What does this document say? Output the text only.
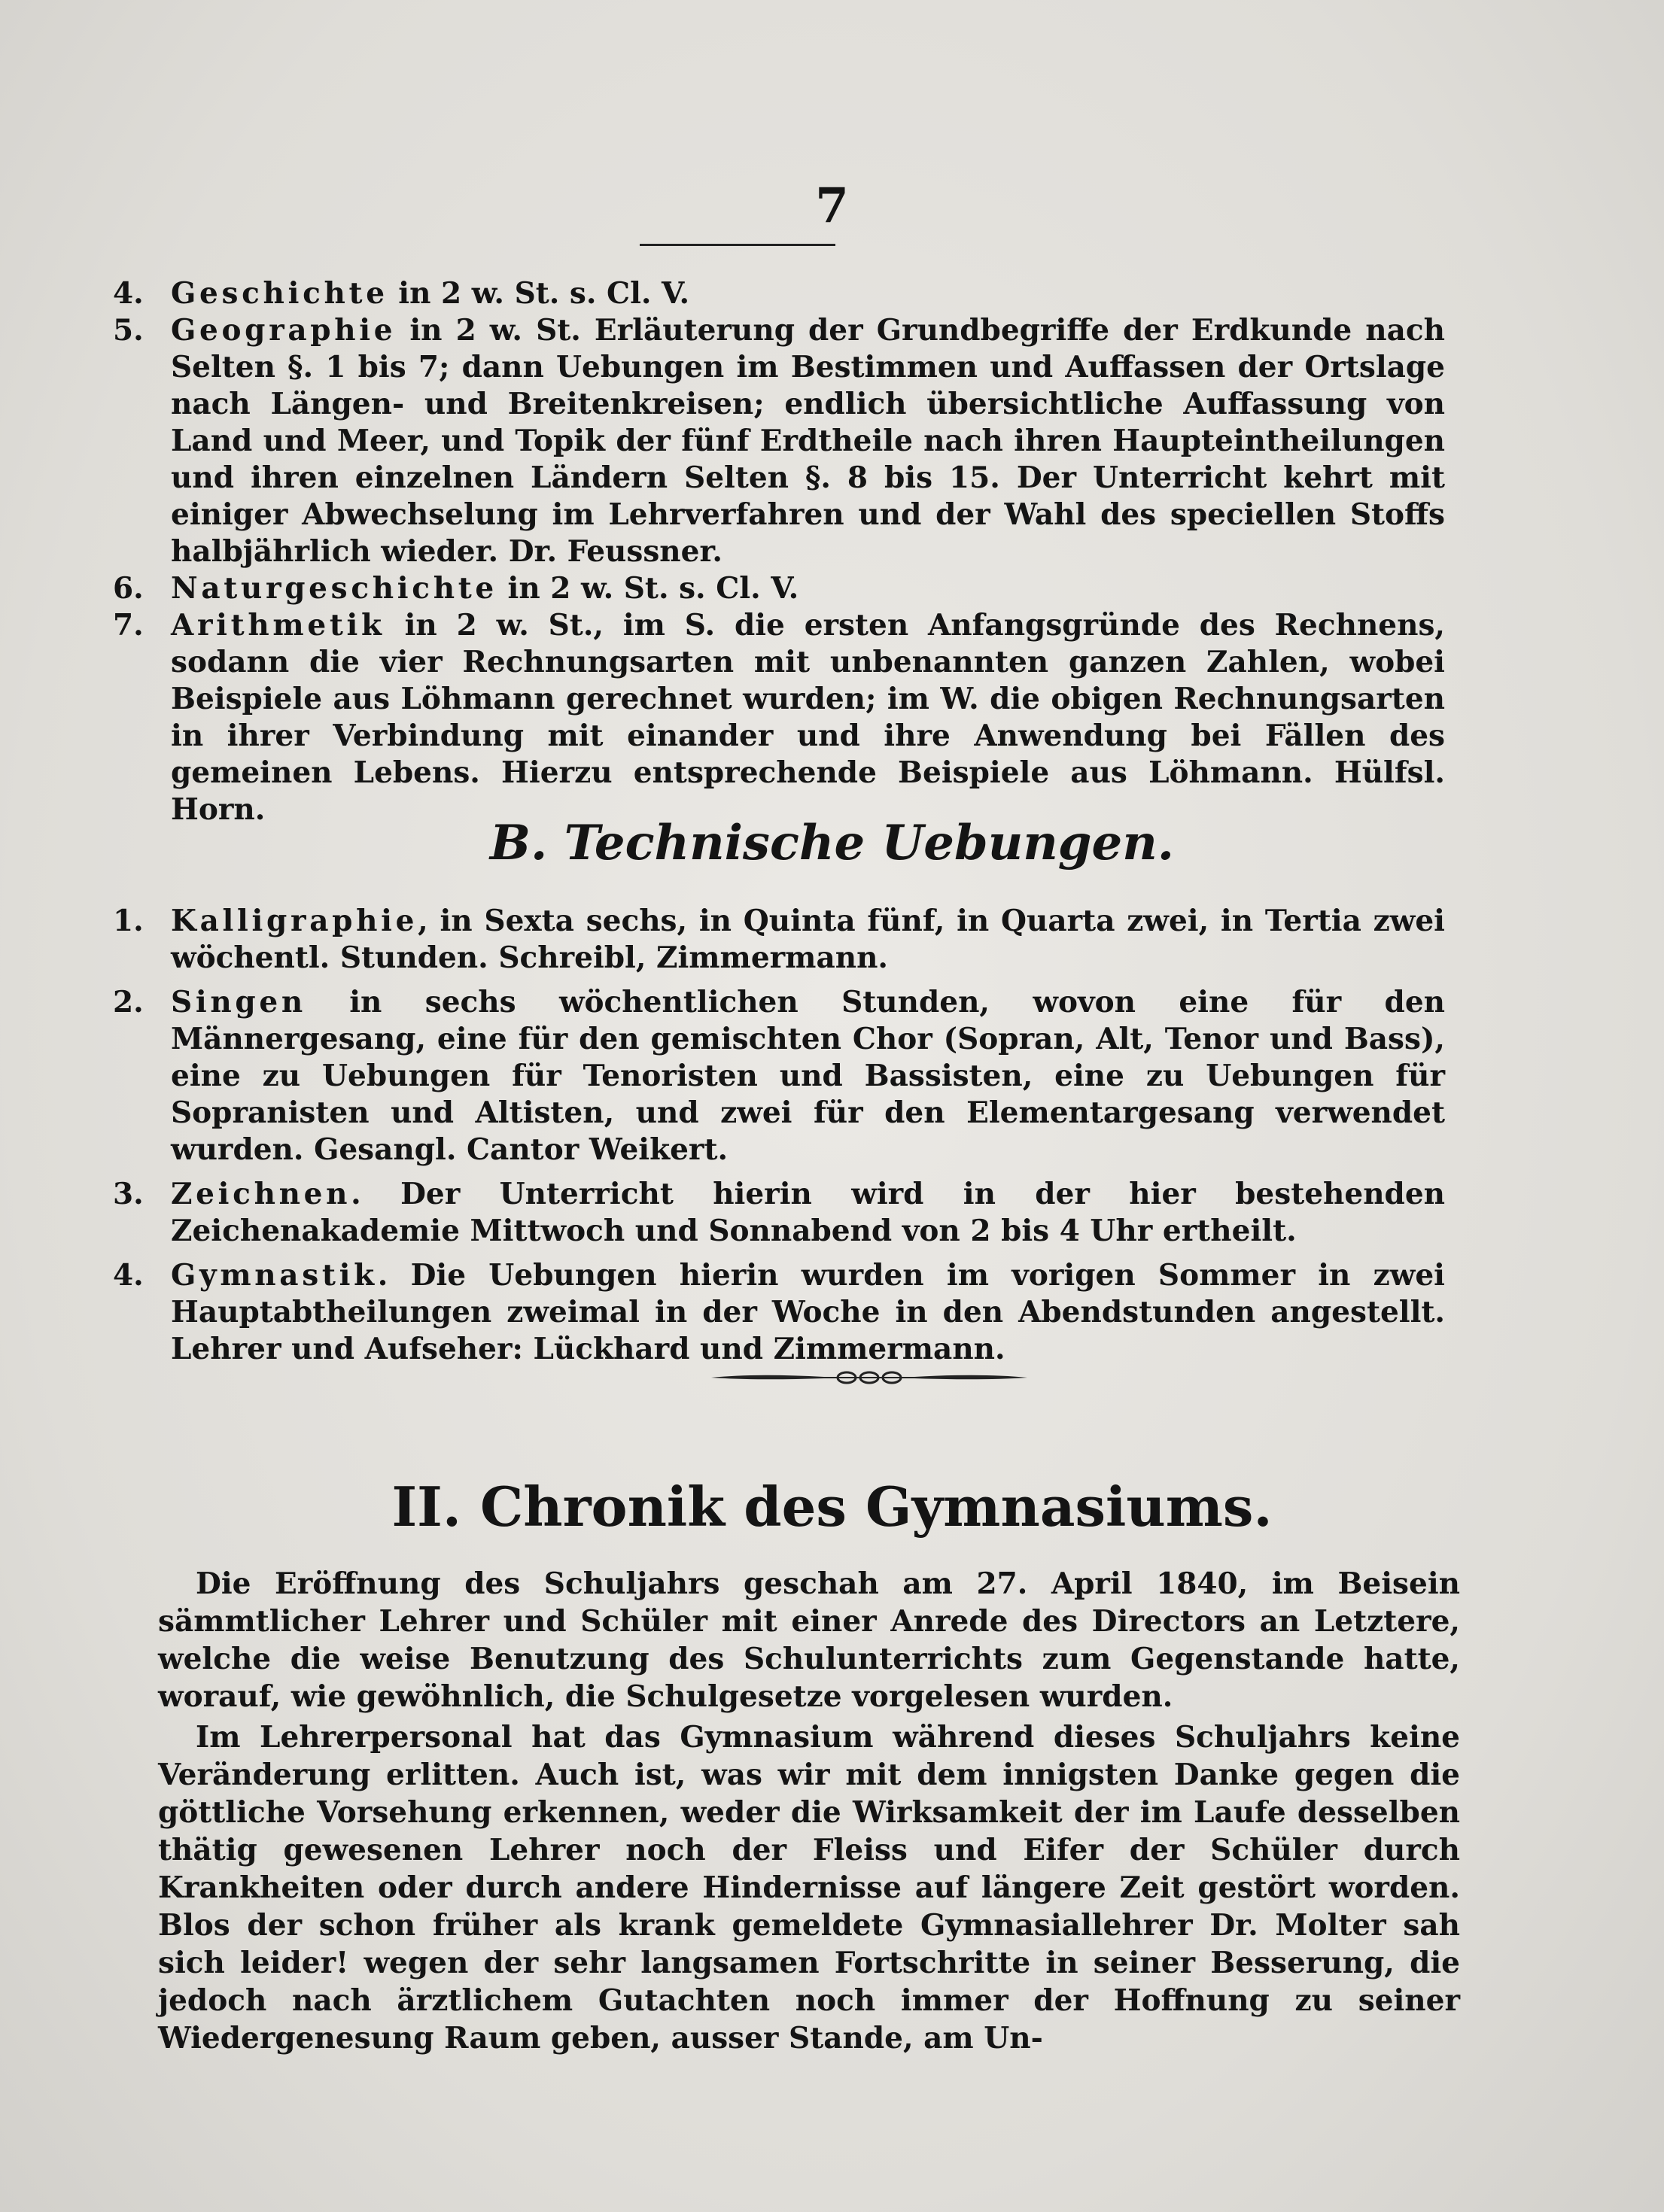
7

4. Geschichte in 2 w. St. s. Cl. V.

5. Geographie in 2 w. St. Erläuterung der Grundbegriffe der Erdkunde nach Selten §. 1 bis 7; dann Uebungen im Bestimmen und Auffassen der Ortslage nach Längen- und Breitenkreisen; endlich übersichtliche Auffassung von Land und Meer, und Topik der fünf Erdtheile nach ihren Haupteintheilungen und ihren einzelnen Ländern Selten §. 8 bis 15. Der Unterricht kehrt mit einiger Abwechselung im Lehrverfahren und der Wahl des speciellen Stoffs halbjährlich wieder. Dr. Feussner.

6. Naturgeschichte in 2 w. St. s. Cl. V.

7. Arithmetik in 2 w. St., im S. die ersten Anfangsgründe des Rechnens, sodann die vier Rechnungsarten mit unbenannten ganzen Zahlen, wobei Beispiele aus Löhmann gerechnet wurden; im W. die obigen Rechnungsarten in ihrer Verbindung mit einander und ihre Anwendung bei Fällen des gemeinen Lebens. Hierzu entsprechende Beispiele aus Löhmann. Hülfsl. Horn.

B. Technische Uebungen.

1. Kalligraphie, in Sexta sechs, in Quinta fünf, in Quarta zwei, in Tertia zwei wöchentl. Stunden. Schreibl, Zimmermann.

2. Singen in sechs wöchentlichen Stunden, wovon eine für den Männergesang, eine für den gemischten Chor (Sopran, Alt, Tenor und Bass), eine zu Uebungen für Tenoristen und Bassisten, eine zu Uebungen für Sopranisten und Altisten, und zwei für den Elementargesang verwendet wurden. Gesangl. Cantor Weikert.

3. Zeichnen. Der Unterricht hierin wird in der hier bestehenden Zeichenakademie Mittwoch und Sonnabend von 2 bis 4 Uhr ertheilt.

4. Gymnastik. Die Uebungen hierin wurden im vorigen Sommer in zwei Hauptabtheilungen zweimal in der Woche in den Abendstunden angestellt. Lehrer und Aufseher: Lückhard und Zimmermann.

II. Chronik des Gymnasiums.

Die Eröffnung des Schuljahrs geschah am 27. April 1840, im Beisein sämmtlicher Lehrer und Schüler mit einer Anrede des Directors an Letztere, welche die weise Benutzung des Schulunterrichts zum Gegenstande hatte, worauf, wie gewöhnlich, die Schulgesetze vorgelesen wurden.

Im Lehrerpersonal hat das Gymnasium während dieses Schuljahrs keine Veränderung erlitten. Auch ist, was wir mit dem innigsten Danke gegen die göttliche Vorsehung erkennen, weder die Wirksamkeit der im Laufe desselben thätig gewesenen Lehrer noch der Fleiss und Eifer der Schüler durch Krankheiten oder durch andere Hindernisse auf längere Zeit gestört worden. Blos der schon früher als krank gemeldete Gymnasiallehrer Dr. Molter sah sich leider! wegen der sehr langsamen Fortschritte in seiner Besserung, die jedoch nach ärztlichem Gutachten noch immer der Hoffnung zu seiner Wiedergenesung Raum geben, ausser Stande, am Un-
